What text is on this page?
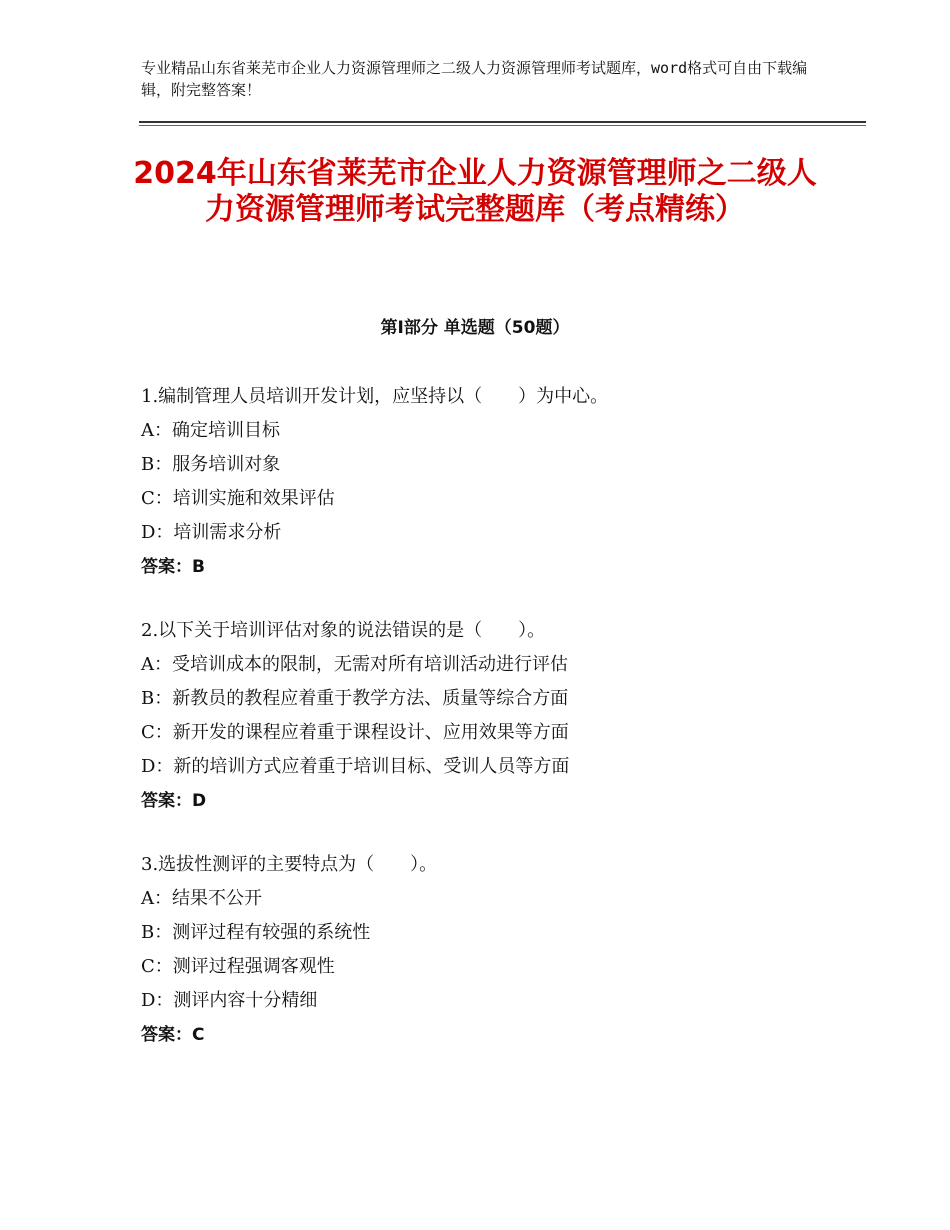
专业精品山东省莱芜市企业人力资源管理师之二级人力资源管理师考试题库，word格式可自由下载编辑，附完整答案！

2024年山东省莱芜市企业人力资源管理师之二级人力资源管理师考试完整题库（考点精练）
第Ⅰ部分 单选题（50题）

1.编制管理人员培训开发计划，应坚持以（　　）为中心。

A：确定培训目标

B：服务培训对象

C：培训实施和效果评估

D：培训需求分析

答案：B

2.以下关于培训评估对象的说法错误的是（　　）。

A：受培训成本的限制，无需对所有培训活动进行评估

B：新教员的教程应着重于教学方法、质量等综合方面

C：新开发的课程应着重于课程设计、应用效果等方面

D：新的培训方式应着重于培训目标、受训人员等方面

答案：D

3.选拔性测评的主要特点为（　　）。

A：结果不公开

B：测评过程有较强的系统性

C：测评过程强调客观性

D：测评内容十分精细

答案：C
